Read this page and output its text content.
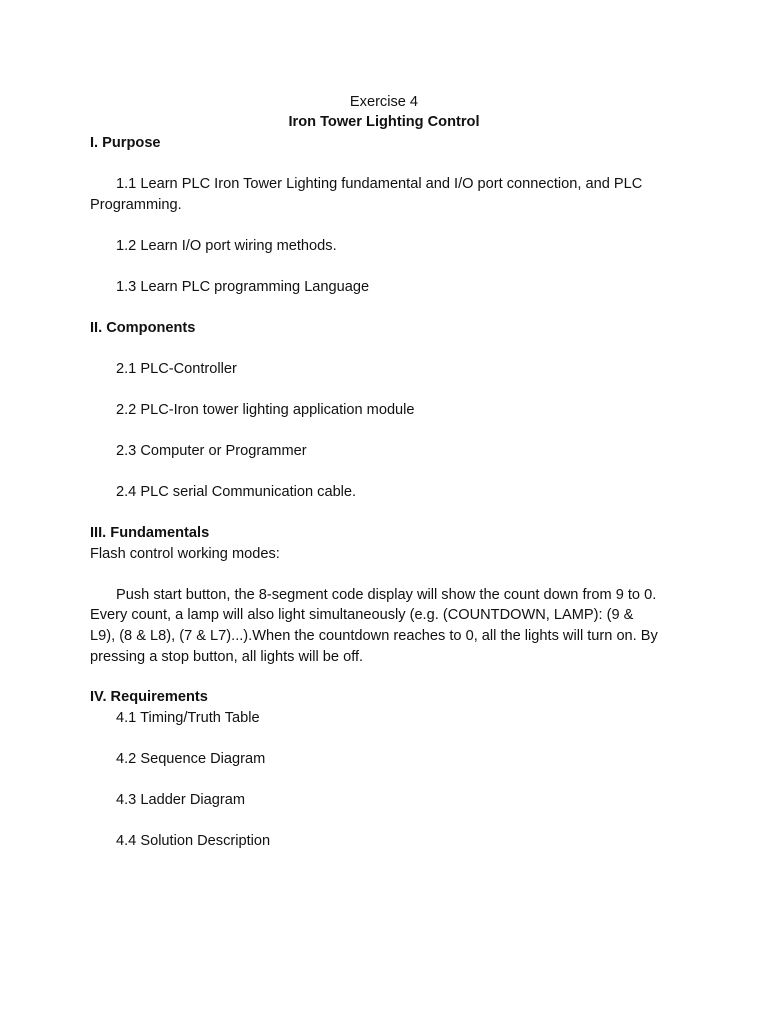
Exercise 4
Iron Tower Lighting Control
I. Purpose
1.1 Learn PLC Iron Tower Lighting fundamental and I/O port connection, and PLC
Programming.
1.2 Learn I/O port wiring methods.
1.3 Learn PLC programming Language
II. Components
2.1 PLC-Controller
2.2 PLC-Iron tower lighting application module
2.3 Computer or Programmer
2.4 PLC serial Communication cable.
III. Fundamentals
Flash control working modes:
Push start button, the 8-segment code display will show the count down from 9 to 0.
Every count, a lamp will also light simultaneously (e.g. (COUNTDOWN, LAMP): (9 &
L9), (8 & L8), (7 & L7)...).When the countdown reaches to 0, all the lights will turn on. By
pressing a stop button, all lights will be off.
IV. Requirements
4.1 Timing/Truth Table
4.2 Sequence Diagram
4.3 Ladder Diagram
4.4 Solution Description
